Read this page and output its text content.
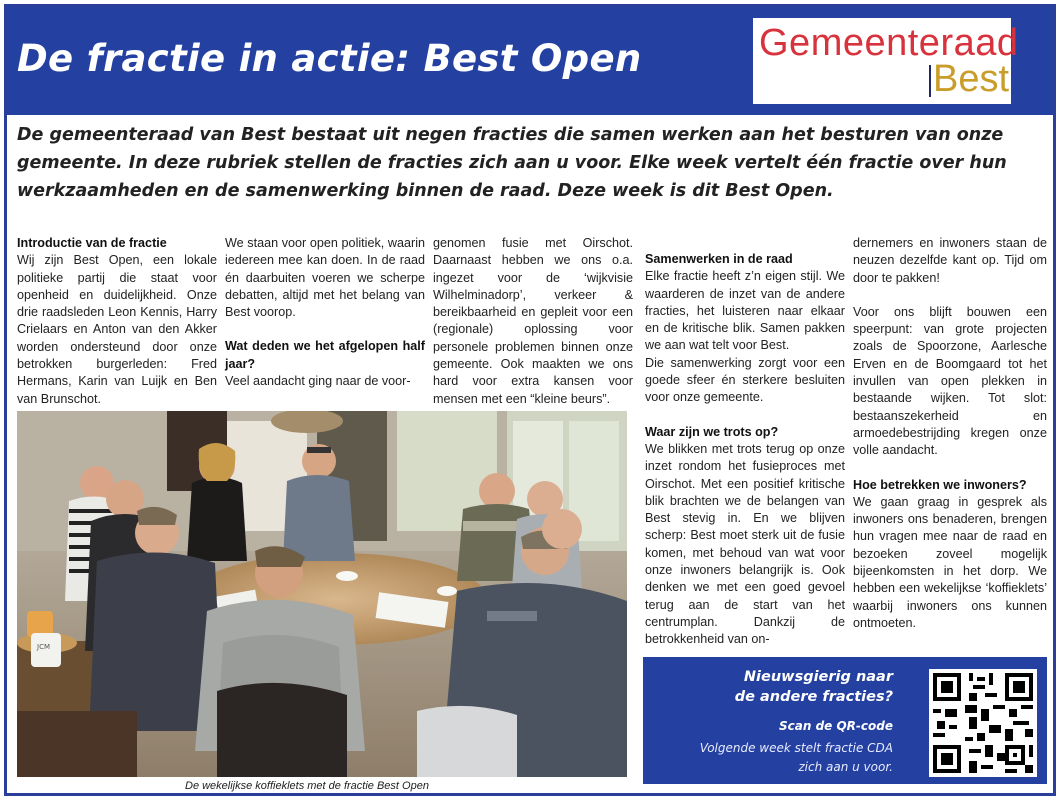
De fractie in actie: Best Open	Gemeenteraad
Best
De gemeenteraad van Best bestaat uit negen fracties die samen werken aan het besturen van onze gemeente. In deze rubriek stellen de fracties zich aan u voor. Elke week vertelt één fractie over hun werkzaamheden en de samenwerking binnen de raad. Deze week is dit Best Open.
Introductie van de fractie

Wij zijn Best Open, een lokale politieke partij die staat voor openheid en duidelijkheid. Onze drie raadsleden Leon Kennis, Harry Crielaars en Anton van den Akker worden ondersteund door onze betrokken burgerleden: Fred Hermans, Karin van Luijk en Ben van Brunschot.

We staan voor open politiek, waarin iedereen mee kan doen. In de raad én daarbuiten voeren we scherpe debatten, altijd met het belang van Best voorop.

Wat deden we het afgelopen half jaar?

Veel aandacht ging naar de voor-

genomen fusie met Oirschot. Daarnaast hebben we ons o.a. ingezet voor de ‘wijkvisie Wilhelminadorp’, verkeer & bereikbaarheid en gepleit voor een (regionale) oplossing voor personele problemen binnen onze gemeente. Ook maakten we ons hard voor extra kansen voor mensen met een “kleine beurs”.

Samenwerken in de raad

Elke fractie heeft z’n eigen stijl. We waarderen de inzet van de andere fracties, het luisteren naar elkaar en de kritische blik. Samen pakken we aan wat telt voor Best.

Die samenwerking zorgt voor een goede sfeer én sterkere besluiten voor onze gemeente.

Waar zijn we trots op?

We blikken met trots terug op onze inzet rondom het fusieproces met Oirschot. Met een positief kritische blik brachten we de belangen van Best stevig in. En we blijven scherp: Best moet sterk uit de fusie komen, met behoud van wat voor onze inwoners belangrijk is. Ook denken we met een goed gevoel terug aan de start van het centrumplan. Dankzij de betrokkenheid van on-

dernemers en inwoners staan de neuzen dezelfde kant op. Tijd om door te pakken!

Voor ons blijft bouwen een speerpunt: van grote projecten zoals de Spoorzone, Aarlesche Erven en de Boomgaard tot het invullen van open plekken in bestaande wijken. Tot slot: bestaanszekerheid en armoedebestrijding kregen onze volle aandacht.

Hoe betrekken we inwoners?

We gaan graag in gesprek als inwoners ons benaderen, brengen hun vragen mee naar de raad en bezoeken zoveel mogelijk bijeenkomsten in het dorp. We hebben een wekelijkse ‘koffieklets’ waarbij inwoners ons kunnen ontmoeten.

JCM
De wekelijkse koffieklets met de fractie Best Open
Nieuwsgierig naar
de andere fracties?
Scan de QR-code
Volgende week stelt fractie CDA
zich aan u voor.
